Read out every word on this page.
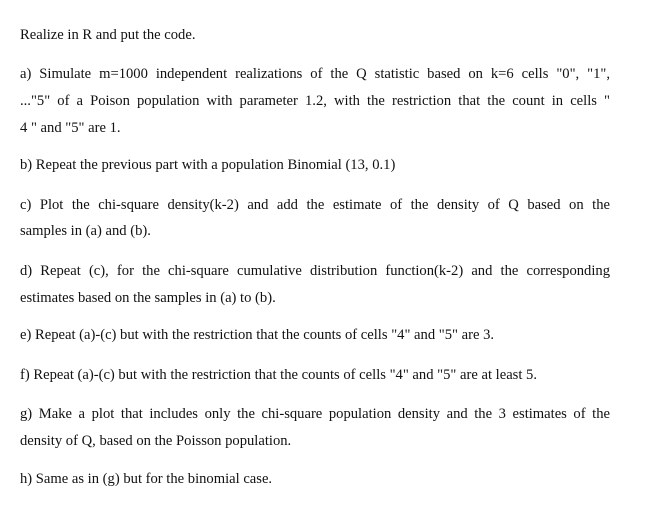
Realize in R and put the code.
a) Simulate m=1000 independent realizations of the Q statistic based on k=6 cells "0", "1",
..."5" of a Poison population with parameter 1.2, with the restriction that the count in cells "
4 " and "5" are 1.
b) Repeat the previous part with a population Binomial (13, 0.1)
c) Plot the chi-square density(k-2) and add the estimate of the density of Q based on the
samples in (a) and (b).
d) Repeat (c), for the chi-square cumulative distribution function(k-2) and the corresponding
estimates based on the samples in (a) to (b).
e) Repeat (a)-(c) but with the restriction that the counts of cells "4" and "5" are 3.
f) Repeat (a)-(c) but with the restriction that the counts of cells "4" and "5" are at least 5.
g) Make a plot that includes only the chi-square population density and the 3 estimates of the
density of Q, based on the Poisson population.
h) Same as in (g) but for the binomial case.
